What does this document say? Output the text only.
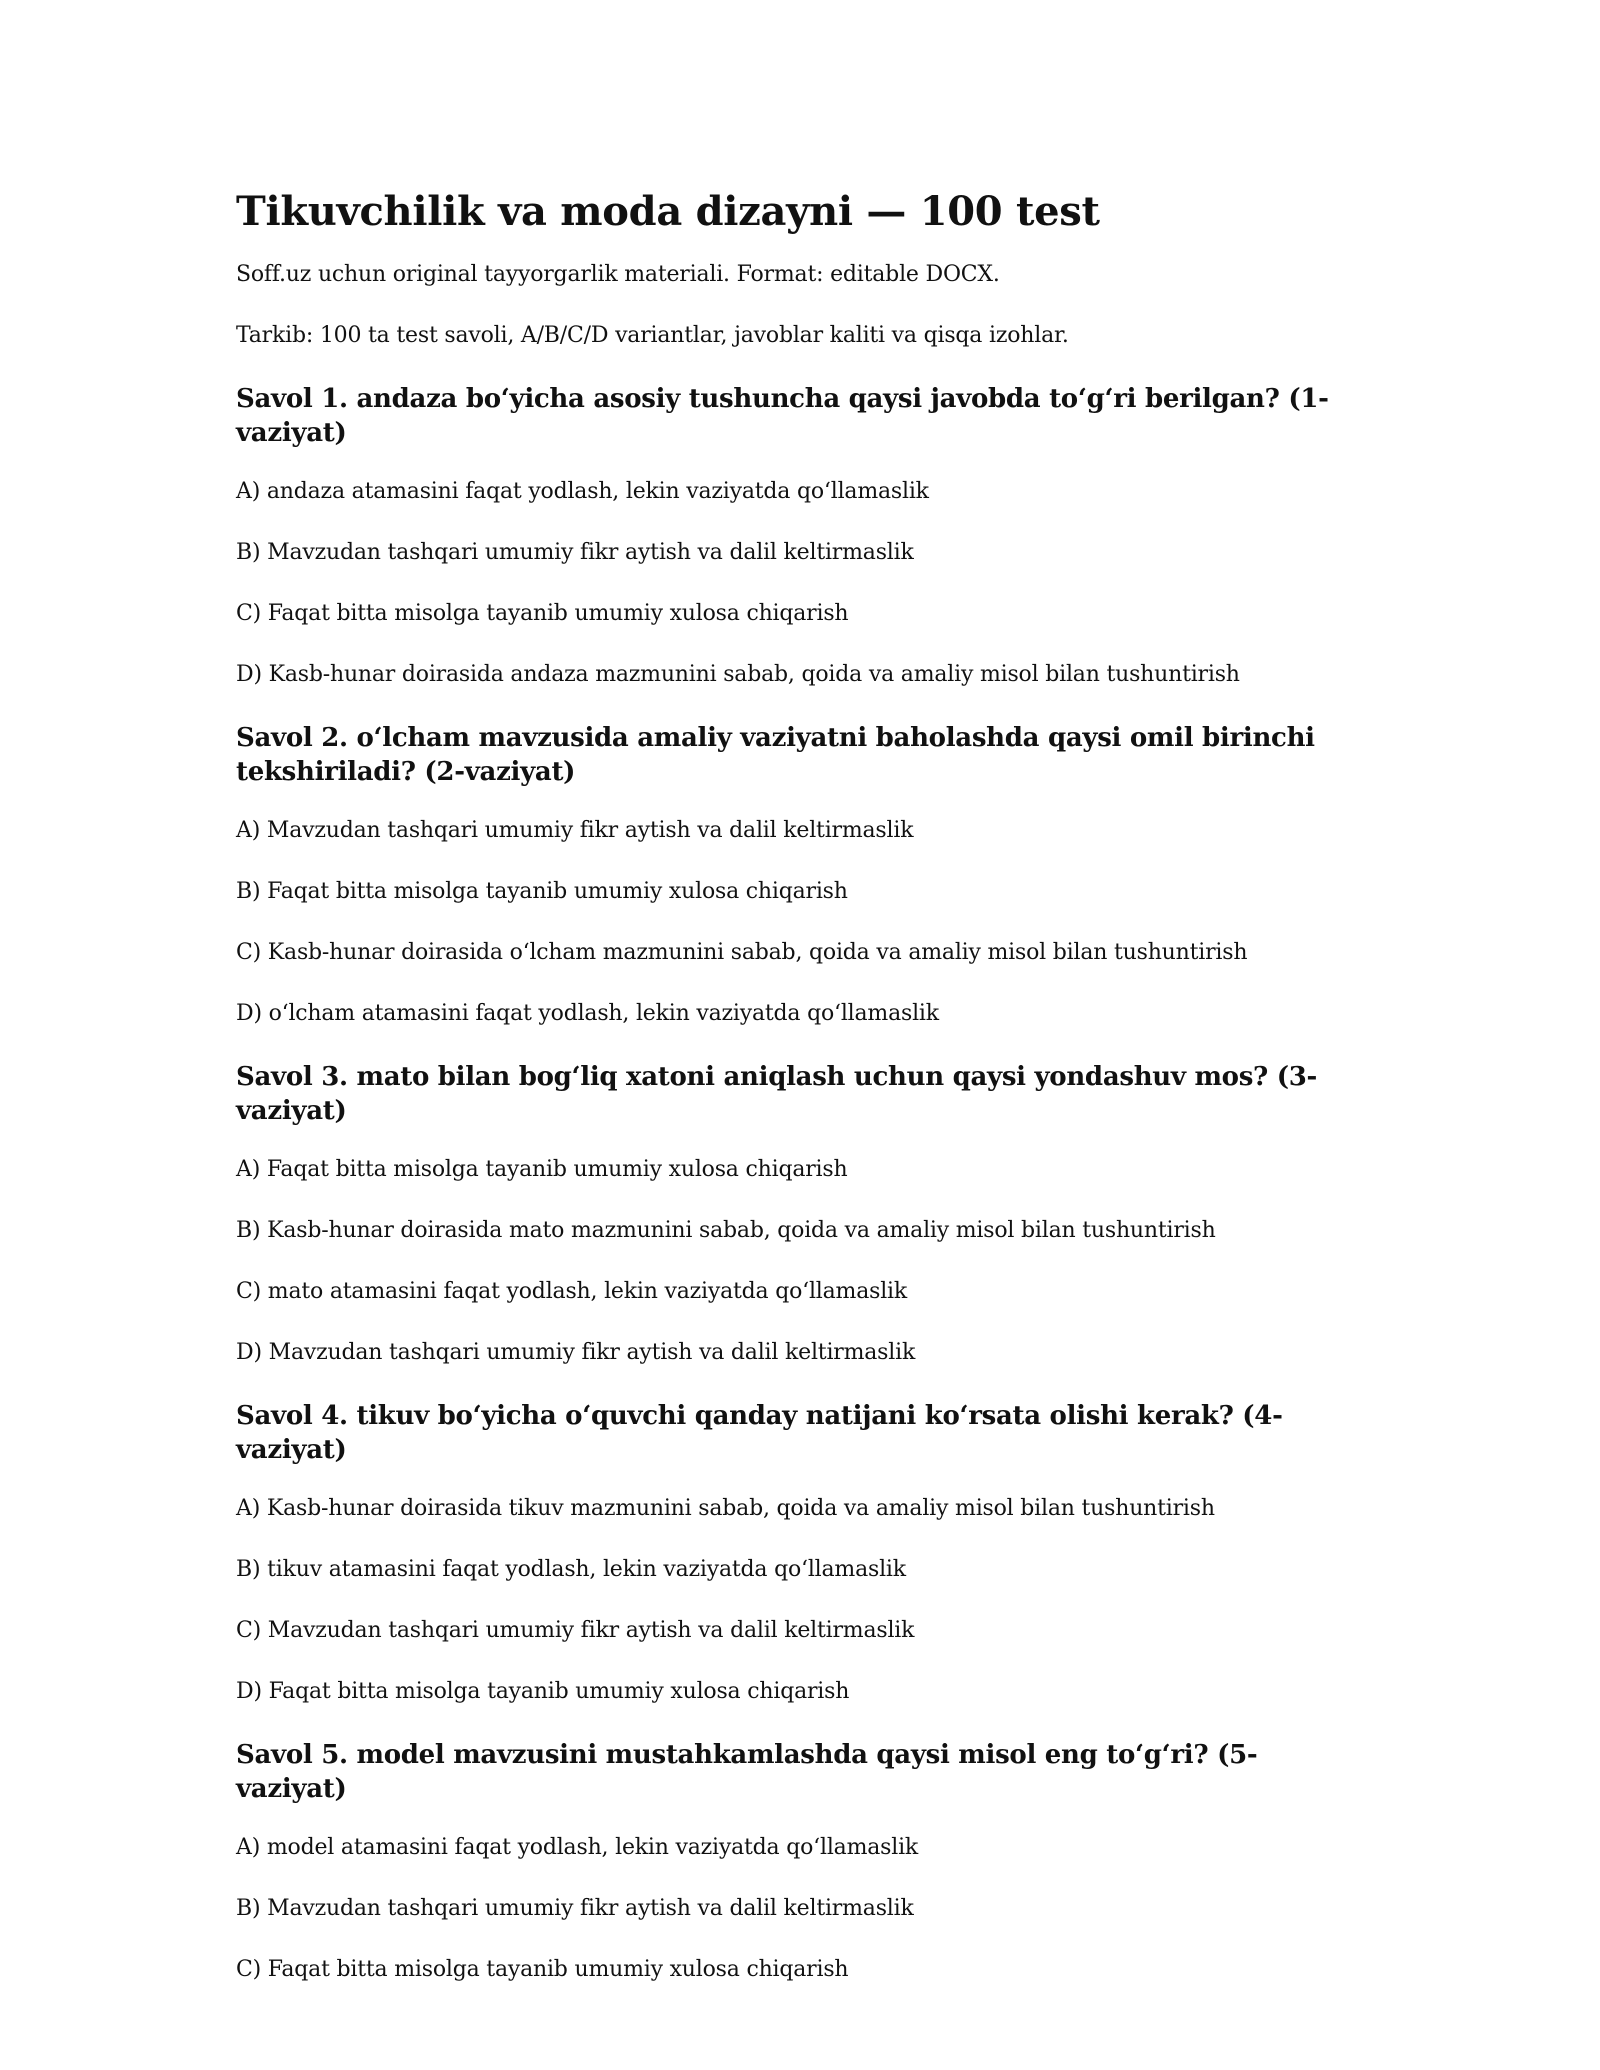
Tikuvchilik va moda dizayni — 100 test

Soff.uz uchun original tayyorgarlik materiali. Format: editable DOCX.

Tarkib: 100 ta test savoli, A/B/C/D variantlar, javoblar kaliti va qisqa izohlar.

Savol 1. andaza bo‘yicha asosiy tushuncha qaysi javobda to‘g‘ri berilgan? (1-vaziyat)

A) andaza atamasini faqat yodlash, lekin vaziyatda qo‘llamaslik

B) Mavzudan tashqari umumiy fikr aytish va dalil keltirmaslik

C) Faqat bitta misolga tayanib umumiy xulosa chiqarish

D) Kasb-hunar doirasida andaza mazmunini sabab, qoida va amaliy misol bilan tushuntirish

Savol 2. o‘lcham mavzusida amaliy vaziyatni baholashda qaysi omil birinchi tekshiriladi? (2-vaziyat)

A) Mavzudan tashqari umumiy fikr aytish va dalil keltirmaslik

B) Faqat bitta misolga tayanib umumiy xulosa chiqarish

C) Kasb-hunar doirasida o‘lcham mazmunini sabab, qoida va amaliy misol bilan tushuntirish

D) o‘lcham atamasini faqat yodlash, lekin vaziyatda qo‘llamaslik

Savol 3. mato bilan bog‘liq xatoni aniqlash uchun qaysi yondashuv mos? (3-vaziyat)

A) Faqat bitta misolga tayanib umumiy xulosa chiqarish

B) Kasb-hunar doirasida mato mazmunini sabab, qoida va amaliy misol bilan tushuntirish

C) mato atamasini faqat yodlash, lekin vaziyatda qo‘llamaslik

D) Mavzudan tashqari umumiy fikr aytish va dalil keltirmaslik

Savol 4. tikuv bo‘yicha o‘quvchi qanday natijani ko‘rsata olishi kerak? (4-vaziyat)

A) Kasb-hunar doirasida tikuv mazmunini sabab, qoida va amaliy misol bilan tushuntirish

B) tikuv atamasini faqat yodlash, lekin vaziyatda qo‘llamaslik

C) Mavzudan tashqari umumiy fikr aytish va dalil keltirmaslik

D) Faqat bitta misolga tayanib umumiy xulosa chiqarish

Savol 5. model mavzusini mustahkamlashda qaysi misol eng to‘g‘ri? (5-vaziyat)

A) model atamasini faqat yodlash, lekin vaziyatda qo‘llamaslik

B) Mavzudan tashqari umumiy fikr aytish va dalil keltirmaslik

C) Faqat bitta misolga tayanib umumiy xulosa chiqarish
